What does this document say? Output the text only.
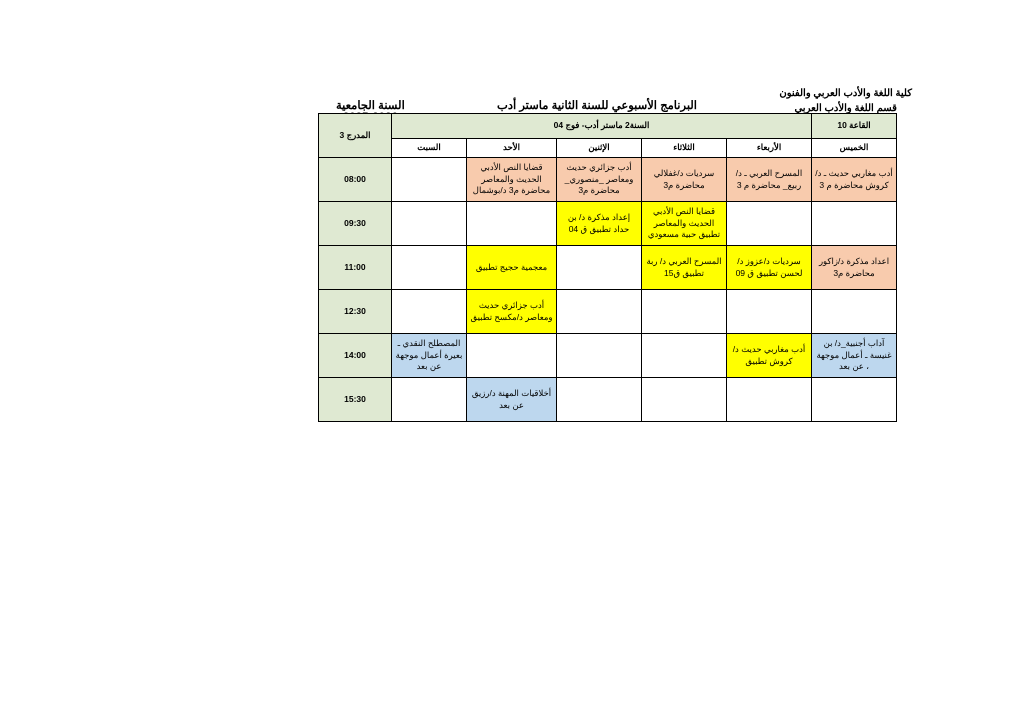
كلية اللغة والأدب العربي والفنون
قسم اللغة والأدب العربي
البرنامج الأسبوعي للسنة الثانية ماستر أدب
السنة الجامعية
القاعة 10	السنة2 ماستر أدب- فوج 04					المدرج 3
الخميس	الأربعاء	الثلاثاء	الإثنين	الأحد	السبت	
أدب مغاربي حديث ـ د/كروش محاضرة م 3	المسرح العربي ـ د/ربيع_ محاضرة م 3	سرديات د/غفلالي محاضرة م3	أدب جزائري حديث ومعاصر _منصوري_ محاضرة م3	قضايا النص الأدبي الحديث والمعاصر محاضرة م3 د/بوشمال		08:00
		قضايا النص الأدبي الحديث والمعاصر تطبيق حبية مسعودي	إعداد مذكرة د/ بن حداد تطبيق ق 04			09:30
اعداد مذكرة د/زاكور محاضرة م3	سرديات د/عزوز د/ لحسن تطبيق ق 09	المسرح العربي د/ ربة تطبيق ق15		معجمية حجيج تطبيق		11:00
				أدب جزائري حديث ومعاصر د/مكسح تطبيق		12:30
آداب أجنبية_د/ بن غنيسة ـ أعمال موجهة ، عن بعد	أدب مغاربي حديث د/كروش تطبيق				المصطلح النقدي ـ بعيرة أعمال موجهة عن بعد	14:00
				أخلاقيات المهنة د/رزيق عن بعد		15:30
